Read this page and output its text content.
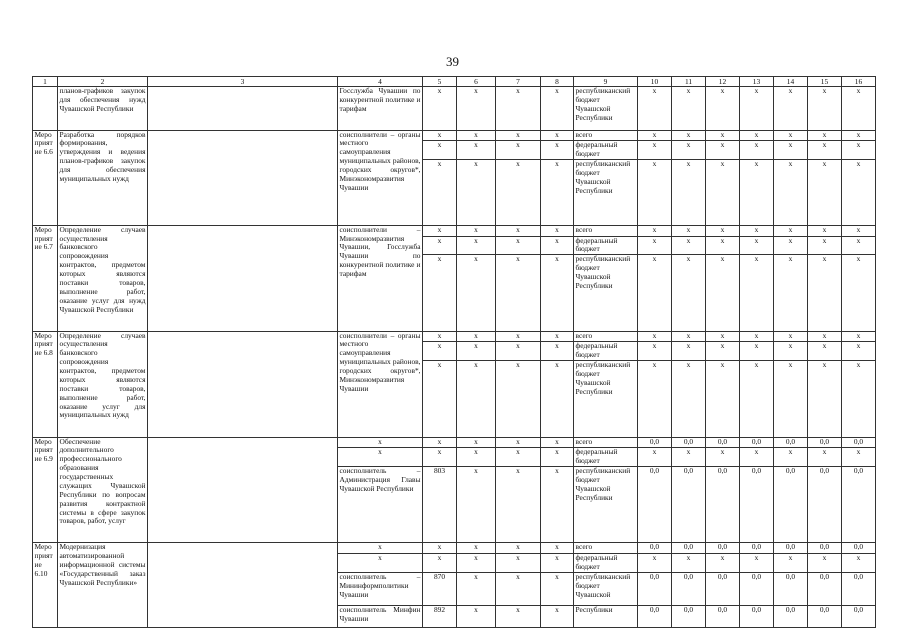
39
1	2	3	4	5	6	7	8	9	10	11	12	13	14	15	16
	планов-графиков закупок для обеспечения нужд Чувашской Республики		Госслужба Чувашии по конкурентной политике и тарифам	x	x	x	x	республиканский бюджет Чувашской Республики	x	x	x	x	x	x	x
Мероприятие 6.6	Разработка порядков формирования, утверждения и ведения планов-графиков закупок для обеспечения муниципальных нужд		соисполнители – органы местного самоуправления муниципальных районов, городских округов*, Минэкономразвития Чувашии	x	x	x	x	всего	x	x	x	x	x	x	x
				x	x	x	x	федеральный бюджет	x	x	x	x	x	x	x
				x	x	x	x	республиканский бюджет Чувашской Республики	x	x	x	x	x	x	x
Мероприятие 6.7	Определение случаев осуществления банковского сопровождения контрактов, предметом которых являются поставки товаров, выполнение работ, оказание услуг для нужд Чувашской Республики		соисполнители – Минэкономразвития Чувашии, Госслужба Чувашии по конкурентной политике и тарифам	x	x	x	x	всего	x	x	x	x	x	x	x
				x	x	x	x	федеральный бюджет	x	x	x	x	x	x	x
				x	x	x	x	республиканский бюджет Чувашской Республики	x	x	x	x	x	x	x
Мероприятие 6.8	Определение случаев осуществления банковского сопровождения контрактов, предметом которых являются поставки товаров, выполнение работ, оказание услуг для муниципальных нужд		соисполнители – органы местного самоуправления муниципальных районов, городских округов*, Минэкономразвития Чувашии	x	x	x	x	всего	x	x	x	x	x	x	x
				x	x	x	x	федеральный бюджет	x	x	x	x	x	x	x
				x	x	x	x	республиканский бюджет Чувашской Республики	x	x	x	x	x	x	x
Мероприятие 6.9	Обеспечение дополнительного профессионального образования государственных служащих Чувашской Республики по вопросам развития контрактной системы в сфере закупок товаров, работ, услуг		x	x	x	x	x	всего	0,0	0,0	0,0	0,0	0,0	0,0	0,0
			x	x	x	x	x	федеральный бюджет	x	x	x	x	x	x	x
			соисполнитель – Администрация Главы Чувашской Республики	803	x	x	x	республиканский бюджет Чувашской Республики	0,0	0,0	0,0	0,0	0,0	0,0	0,0
Мероприятие 6.10	Модернизация автоматизированной информационной системы «Государственный заказ Чувашской Республики»		x	x	x	x	x	всего	0,0	0,0	0,0	0,0	0,0	0,0	0,0
			x	x	x	x	x	федеральный бюджет	x	x	x	x	x	x	x
			соисполнитель – Мининформполитики Чувашии	870	x	x	x	республиканский бюджет Чувашской	0,0	0,0	0,0	0,0	0,0	0,0	0,0
			соисполнитель Минфин Чувашии	892	x	x	x	Республики	0,0	0,0	0,0	0,0	0,0	0,0	0,0
